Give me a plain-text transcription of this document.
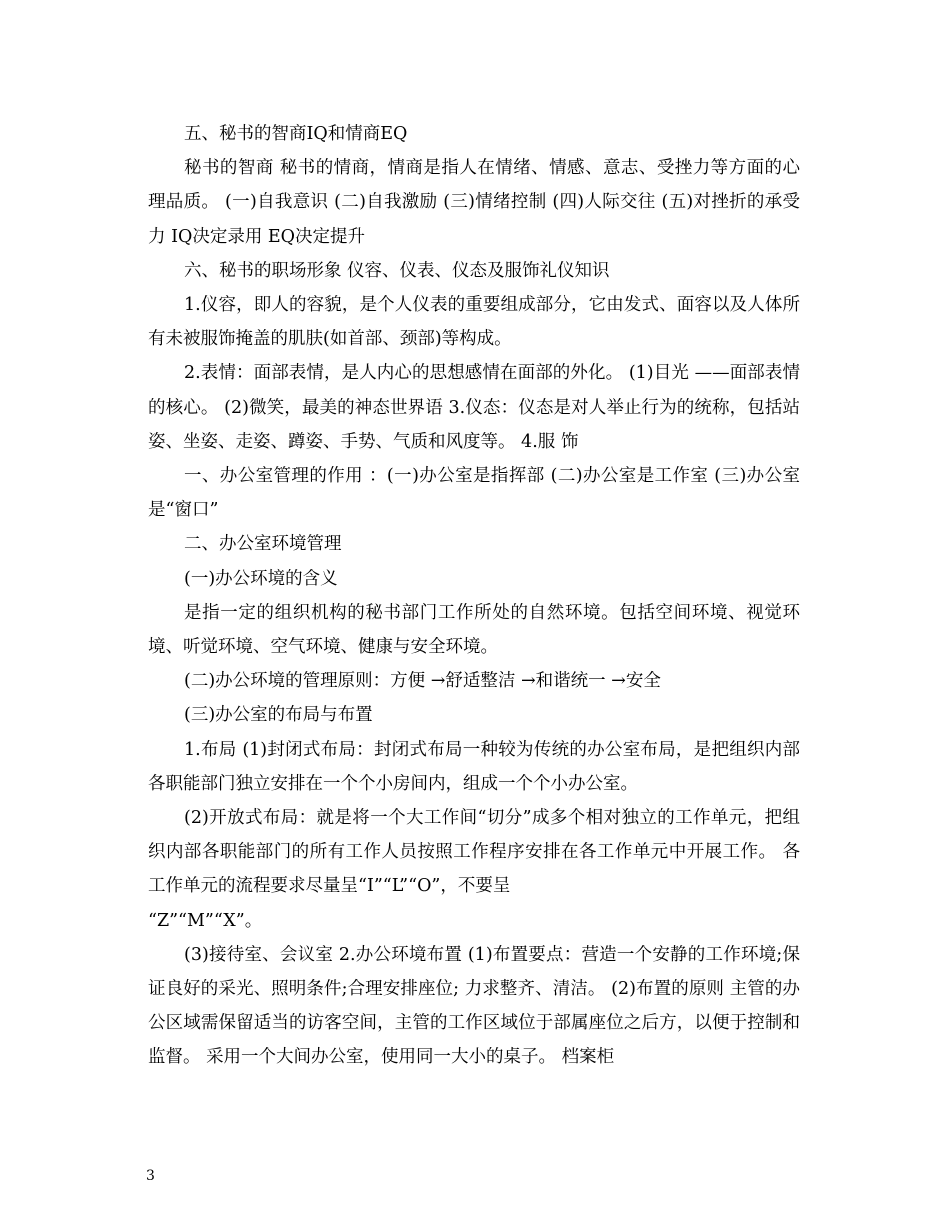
五、秘书的智商IQ和情商EQ

秘书的智商 秘书的情商，情商是指人在情绪、情感、意志、受挫力等方面的心理品质。 (一)自我意识 (二)自我激励 (三)情绪控制 (四)人际交往 (五)对挫折的承受力 IQ决定录用 EQ决定提升

六、秘书的职场形象 仪容、仪表、仪态及服饰礼仪知识

1.仪容，即人的容貌，是个人仪表的重要组成部分，它由发式、面容以及人体所有未被服饰掩盖的肌肤(如首部、颈部)等构成。

2.表情：面部表情，是人内心的思想感情在面部的外化。 (1)目光 ——面部表情的核心。 (2)微笑，最美的神态世界语 3.仪态：仪态是对人举止行为的统称，包括站姿、坐姿、走姿、蹲姿、手势、气质和风度等。 4.服 饰

一、办公室管理的作用 ：(一)办公室是指挥部 (二)办公室是工作室 (三)办公室是“窗口”

二、办公室环境管理

(一)办公环境的含义

是指一定的组织机构的秘书部门工作所处的自然环境。包括空间环境、视觉环境、听觉环境、空气环境、健康与安全环境。

(二)办公环境的管理原则：方便 →舒适整洁 →和谐统一 →安全

(三)办公室的布局与布置

1.布局 (1)封闭式布局：封闭式布局一种较为传统的办公室布局，是把组织内部各职能部门独立安排在一个个小房间内，组成一个个小办公室。

(2)开放式布局：就是将一个大工作间“切分”成多个相对独立的工作单元，把组织内部各职能部门的所有工作人员按照工作程序安排在各工作单元中开展工作。 各工作单元的流程要求尽量呈“I”“L”“O”，不要呈

“Z”“M”“X”。

(3)接待室、会议室 2.办公环境布置 (1)布置要点：营造一个安静的工作环境;保证良好的采光、照明条件;合理安排座位; 力求整齐、清洁。 (2)布置的原则 主管的办公区域需保留适当的访客空间，主管的工作区域位于部属座位之后方，以便于控制和监督。 采用一个大间办公室，使用同一大小的桌子。 档案柜

3
